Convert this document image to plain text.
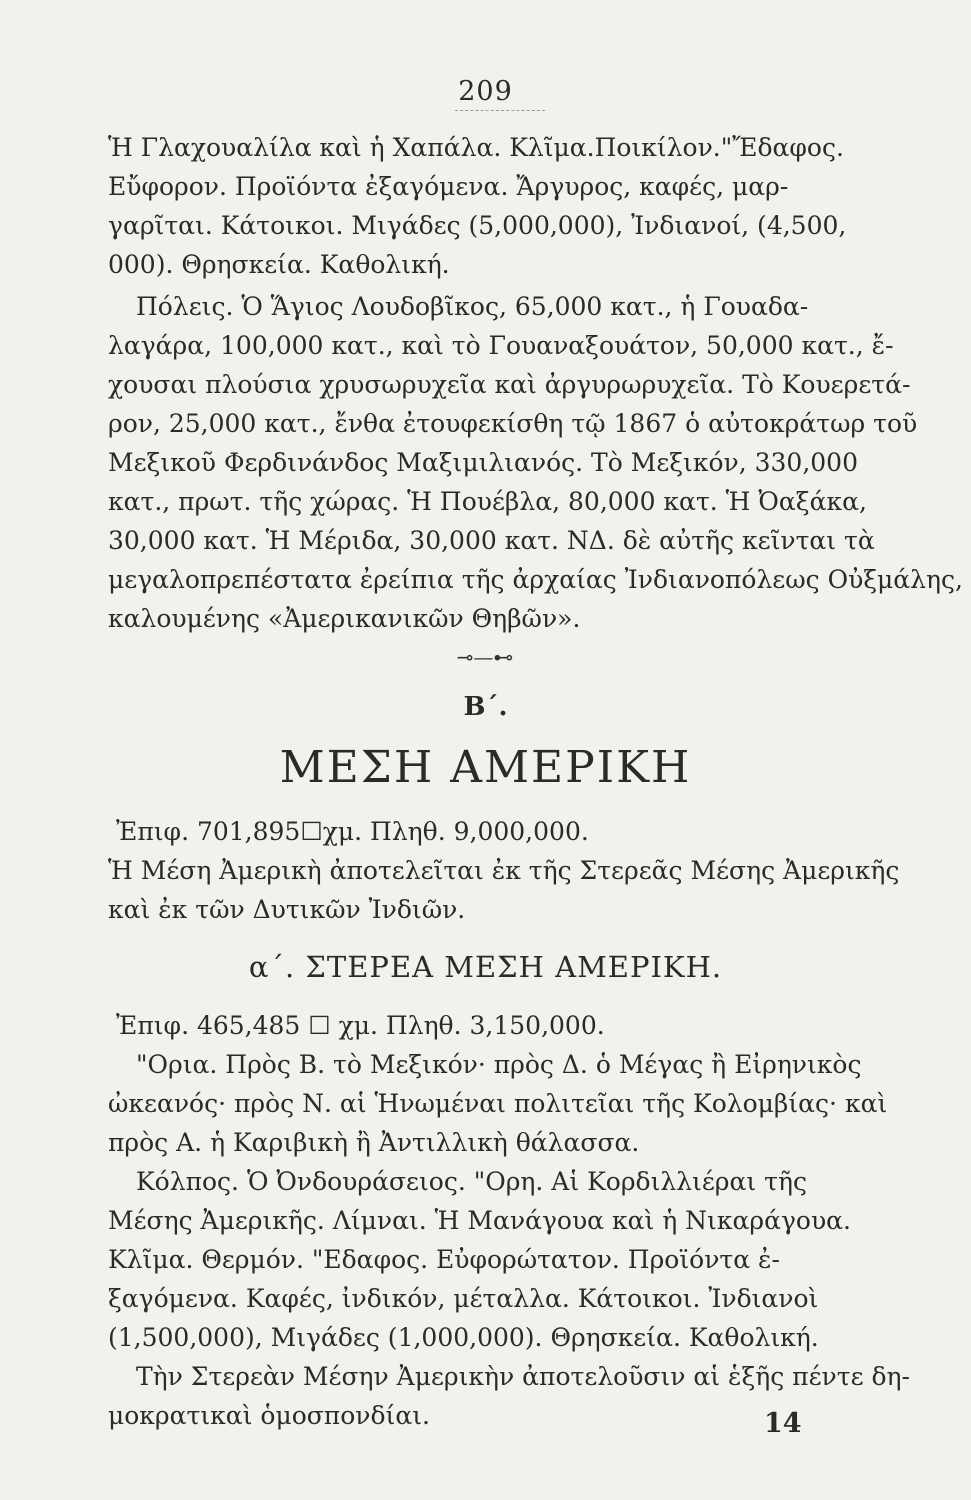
209
Ἡ Γλαχουαλίλα καὶ ἡ Χαπάλα. Κλῖμα.Ποικίλον."Ἔδαφος.
Εὔφορον. Προϊόντα ἐξαγόμενα. Ἄργυρος, καφές, μαρ-
γαρῖται. Κάτοικοι. Μιγάδες (5,000,000), Ἰνδιανοί, (4,500,
000). Θρησκεία. Καθολική.
Πόλεις. Ὁ Ἅγιος Λουδοβῖκος, 65,000 κατ., ἡ Γουαδα-
λαγάρα, 100,000 κατ., καὶ τὸ Γουαναξουάτον, 50,000 κατ., ἔ-
χουσαι πλούσια χρυσωρυχεῖα καὶ ἀργυρωρυχεῖα. Τὸ Κουερετά-
ρον, 25,000 κατ., ἔνθα ἐτουφεκίσθη τῷ 1867 ὁ αὐτοκράτωρ τοῦ
Μεξικοῦ Φερδινάνδος Μαξιμιλιανός. Τὸ Μεξικόν, 330,000
κατ., πρωτ. τῆς χώρας. Ἡ Πουέβλα, 80,000 κατ. Ἡ Ὀαξάκα,
30,000 κατ. Ἡ Μέριδα, 30,000 κατ. ΝΔ. δὲ αὐτῆς κεῖνται τὰ
μεγαλοπρεπέστατα ἐρείπια τῆς ἀρχαίας Ἰνδιανοπόλεως Οὐξμάλης,
καλουμένης «Ἀμερικανικῶν Θηβῶν».
⊸—⊷
Β΄.
ΜΕΣΗ ΑΜΕΡΙΚΗ
Ἐπιφ. 701,895☐χμ. Πληθ. 9,000,000.
Ἡ Μέση Ἀμερικὴ ἀποτελεῖται ἐκ τῆς Στερεᾶς Μέσης Ἀμερικῆς
καὶ ἐκ τῶν Δυτικῶν Ἰνδιῶν.
α΄. ΣΤΕΡΕΑ ΜΕΣΗ ΑΜΕΡΙΚΗ.
Ἐπιφ. 465,485 ☐ χμ. Πληθ. 3,150,000.
"Ορια. Πρὸς Β. τὸ Μεξικόν· πρὸς Δ. ὁ Μέγας ἢ Εἰρηνικὸς
ὠκεανός· πρὸς Ν. αἱ Ἡνωμέναι πολιτεῖαι τῆς Κολομβίας· καὶ
πρὸς Α. ἡ Καριβικὴ ἢ Ἀντιλλικὴ θάλασσα.
Κόλπος. Ὁ Ὀνδουράσειος. "Ορη. Αἱ Κορδιλλιέραι τῆς
Μέσης Ἀμερικῆς. Λίμναι. Ἡ Μανάγουα καὶ ἡ Νικαράγουα.
Κλῖμα. Θερμόν. "Εδαφος. Εὐφορώτατον. Προϊόντα ἐ-
ξαγόμενα. Καφές, ἰνδικόν, μέταλλα. Κάτοικοι. Ἰνδιανοὶ
(1,500,000), Μιγάδες (1,000,000). Θρησκεία. Καθολική.
Τὴν Στερεὰν Μέσην Ἀμερικὴν ἀποτελοῦσιν αἱ ἑξῆς πέντε δη-
μοκρατικαὶ ὁμοσπονδίαι.	14
